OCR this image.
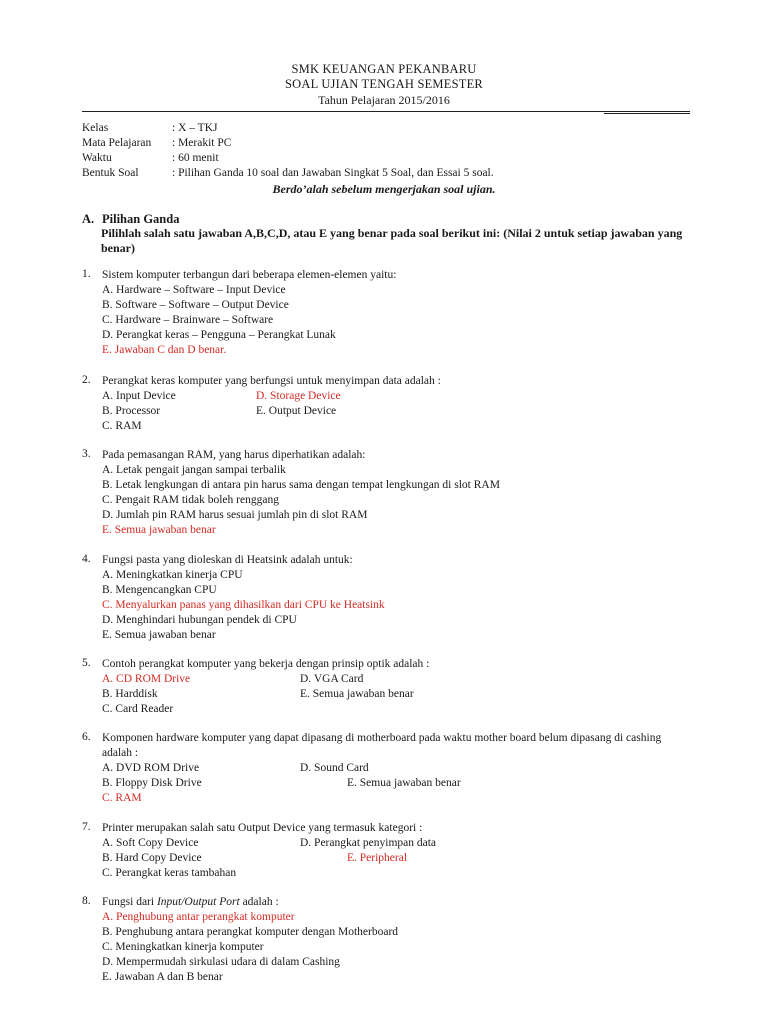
SMK KEUANGAN PEKANBARU
SOAL UJIAN TENGAH SEMESTER
Tahun Pelajaran 2015/2016
Kelas	: X – TKJ
Mata Pelajaran : Merakit PC
Waktu	: 60 menit
Bentuk Soal	: Pilihan Ganda 10 soal dan Jawaban Singkat 5 Soal, dan Essai 5 soal.
Berdo’alah sebelum mengerjakan soal ujian.
A. Pilihan Ganda
Pilihlah salah satu jawaban A,B,C,D, atau E yang benar pada soal berikut ini: (Nilai 2 untuk setiap jawaban yang benar)
1. Sistem komputer terbangun dari beberapa elemen-elemen yaitu:
A. Hardware – Software – Input Device
B. Software – Software – Output Device
C. Hardware – Brainware – Software
D. Perangkat keras – Pengguna – Perangkat Lunak
E. Jawaban C dan D benar.
2. Perangkat keras komputer yang berfungsi untuk menyimpan data adalah :
A. Input Device	D. Storage Device
B. Processor	E. Output Device
C. RAM
3. Pada pemasangan RAM, yang harus diperhatikan adalah:
A. Letak pengait jangan sampai terbalik
B. Letak lengkungan di antara pin harus sama dengan tempat lengkungan di slot RAM
C. Pengait RAM tidak boleh renggang
D. Jumlah pin RAM harus sesuai jumlah pin di slot RAM
E. Semua jawaban benar
4. Fungsi pasta yang dioleskan di Heatsink adalah untuk:
A. Meningkatkan kinerja CPU
B. Mengencangkan CPU
C. Menyalurkan panas yang dihasilkan dari CPU ke Heatsink
D. Menghindari hubungan pendek di CPU
E. Semua jawaban benar
5. Contoh perangkat komputer yang bekerja dengan prinsip optik adalah :
A. CD ROM Drive	D. VGA Card
B. Harddisk	E. Semua jawaban benar
C. Card Reader
6. Komponen hardware komputer yang dapat dipasang di motherboard pada waktu mother board belum dipasang di cashing adalah :
A. DVD ROM Drive	D. Sound Card
B. Floppy Disk Drive	E. Semua jawaban benar
C. RAM
7. Printer merupakan salah satu Output Device yang termasuk kategori :
A. Soft Copy Device	D. Perangkat penyimpan data
B. Hard Copy Device	E. Peripheral
C. Perangkat keras tambahan
8. Fungsi dari Input/Output Port adalah :
A. Penghubung antar perangkat komputer
B. Penghubung antara perangkat komputer dengan Motherboard
C. Meningkatkan kinerja komputer
D. Mempermudah sirkulasi udara di dalam Cashing
E. Jawaban A dan B benar
